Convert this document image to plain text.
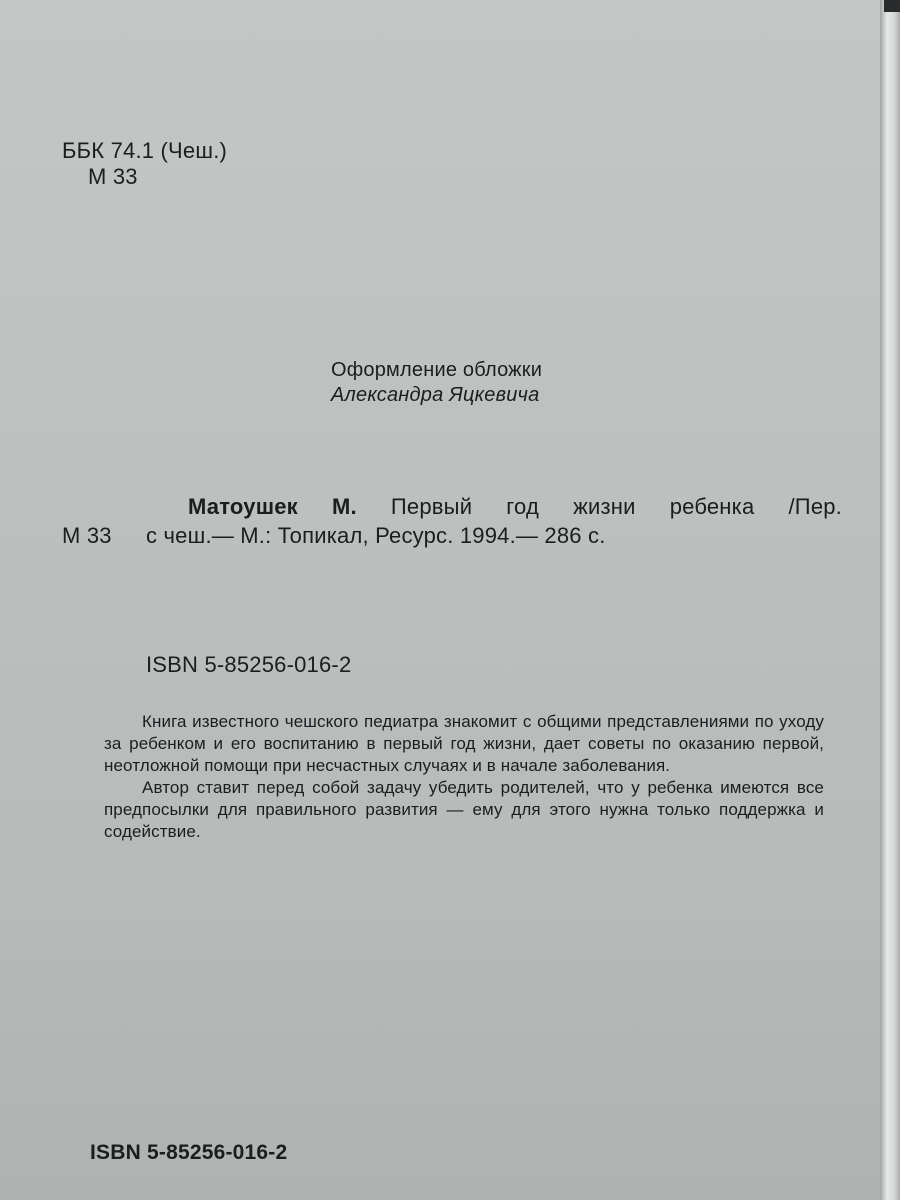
ББК 74.1 (Чеш.)
М 33
Оформление обложки
Александра Яцкевича
Матоушек М. Первый год жизни ребенка /Пер.
М 33 с чеш.— М.: Топикал, Ресурс. 1994.— 286 с.
ISBN 5-85256-016-2

Книга известного чешского педиатра знакомит с общими представлениями по уходу за ребенком и его воспитанию в первый год жизни, дает советы по оказанию первой, неотложной помощи при несчастных случаях и в начале заболевания.

Автор ставит перед собой задачу убедить родителей, что у ребенка имеются все предпосылки для правильного развития — ему для этого нужна только поддержка и содействие.

ISBN 5-85256-016-2
